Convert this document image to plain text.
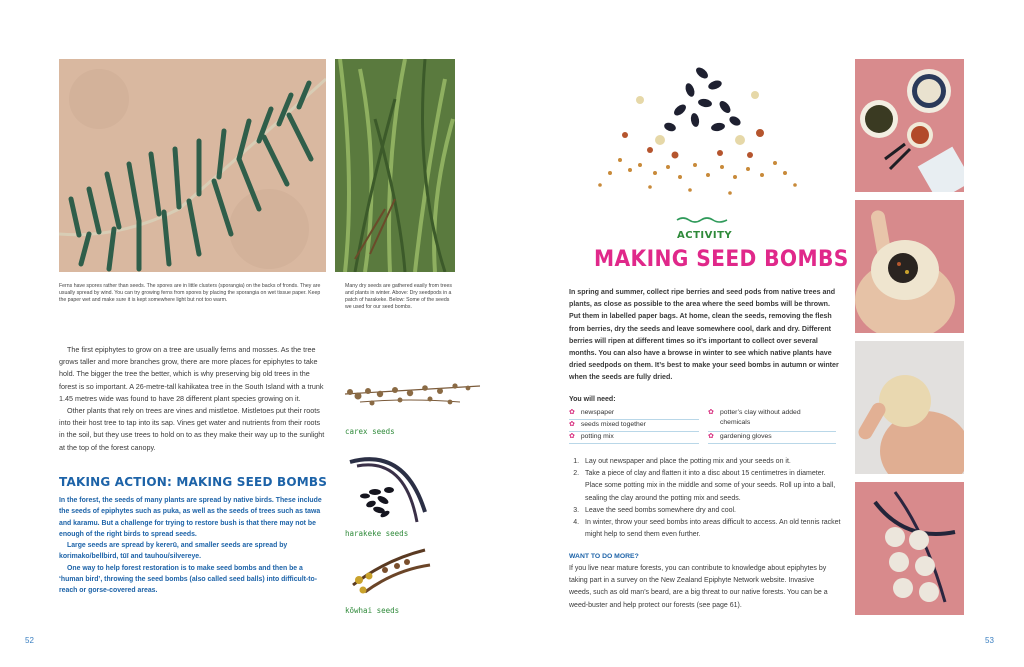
Ferns have spores rather than seeds. The spores are in little clusters (sporangia) on the backs of fronds. They are usually spread by wind. You can try growing ferns from spores by placing the sporangia on wet tissue paper. Keep the paper wet and make sure it is kept somewhere light but not too warm.
Many dry seeds are gathered easily from trees and plants in winter. Above: Dry seedpods in a patch of harakeke. Below: Some of the seeds we used for our seed bombs.

The first epiphytes to grow on a tree are usually ferns and mosses. As the tree grows taller and more branches grow, there are more places for epiphytes to take hold. The bigger the tree the better, which is why preserving big old trees in the forest is so important. A 26-metre-tall kahikatea tree in the South Island with a trunk 1.45 metres wide was found to have 28 different plant species growing on it.

Other plants that rely on trees are vines and mistletoe. Mistletoes put their roots into their host tree to tap into its sap. Vines get water and nutrients from their roots in the soil, but they use trees to hold on to as they make their way up to the sunlight at the top of the forest canopy.

TAKING ACTION: MAKING SEED BOMBS

In the forest, the seeds of many plants are spread by native birds. These include the seeds of epiphytes such as puka, as well as the seeds of trees such as tawa and karamu. But a challenge for trying to restore bush is that there may not be enough of the right birds to spread seeds.

Large seeds are spread by kererū, and smaller seeds are spread by korimako/bellbird, tūī and tauhou/silvereye.

One way to help forest restoration is to make seed bombs and then be a ‘human bird’, throwing the seed bombs (also called seed balls) into difficult-to-reach or gorse-covered areas.

carex seeds
harakeke seeds
kōwhai seeds
52
ACTIVITY
MAKING SEED BOMBS
In spring and summer, collect ripe berries and seed pods from native trees and plants, as close as possible to the area where the seed bombs will be thrown. Put them in labelled paper bags. At home, clean the seeds, removing the flesh from berries, dry the seeds and leave somewhere cool, dark and dry. Different berries will ripen at different times so it’s important to collect over several months. You can also have a browse in winter to see which native plants have dried seedpods on them. It’s best to make your seed bombs in autumn or winter when the seeds are fully dried.
You will need:
✿ newspaper
✿ seeds mixed together
✿ potting mix
✿ potter’s clay without added chemicals
✿ gardening gloves
1. Lay out newspaper and place the potting mix and your seeds on it.
2. Take a piece of clay and flatten it into a disc about 15 centimetres in diameter. Place some potting mix in the middle and some of your seeds. Roll up into a ball, sealing the clay around the potting mix and seeds.
3. Leave the seed bombs somewhere dry and cool.
4. In winter, throw your seed bombs into areas difficult to access. An old tennis racket might help to send them even further.
WANT TO DO MORE?
If you live near mature forests, you can contribute to knowledge about epiphytes by taking part in a survey on the New Zealand Epiphyte Network website. Invasive weeds, such as old man’s beard, are a big threat to our native forests. You can be a weed-buster and help protect our forests (see page 61).
53
